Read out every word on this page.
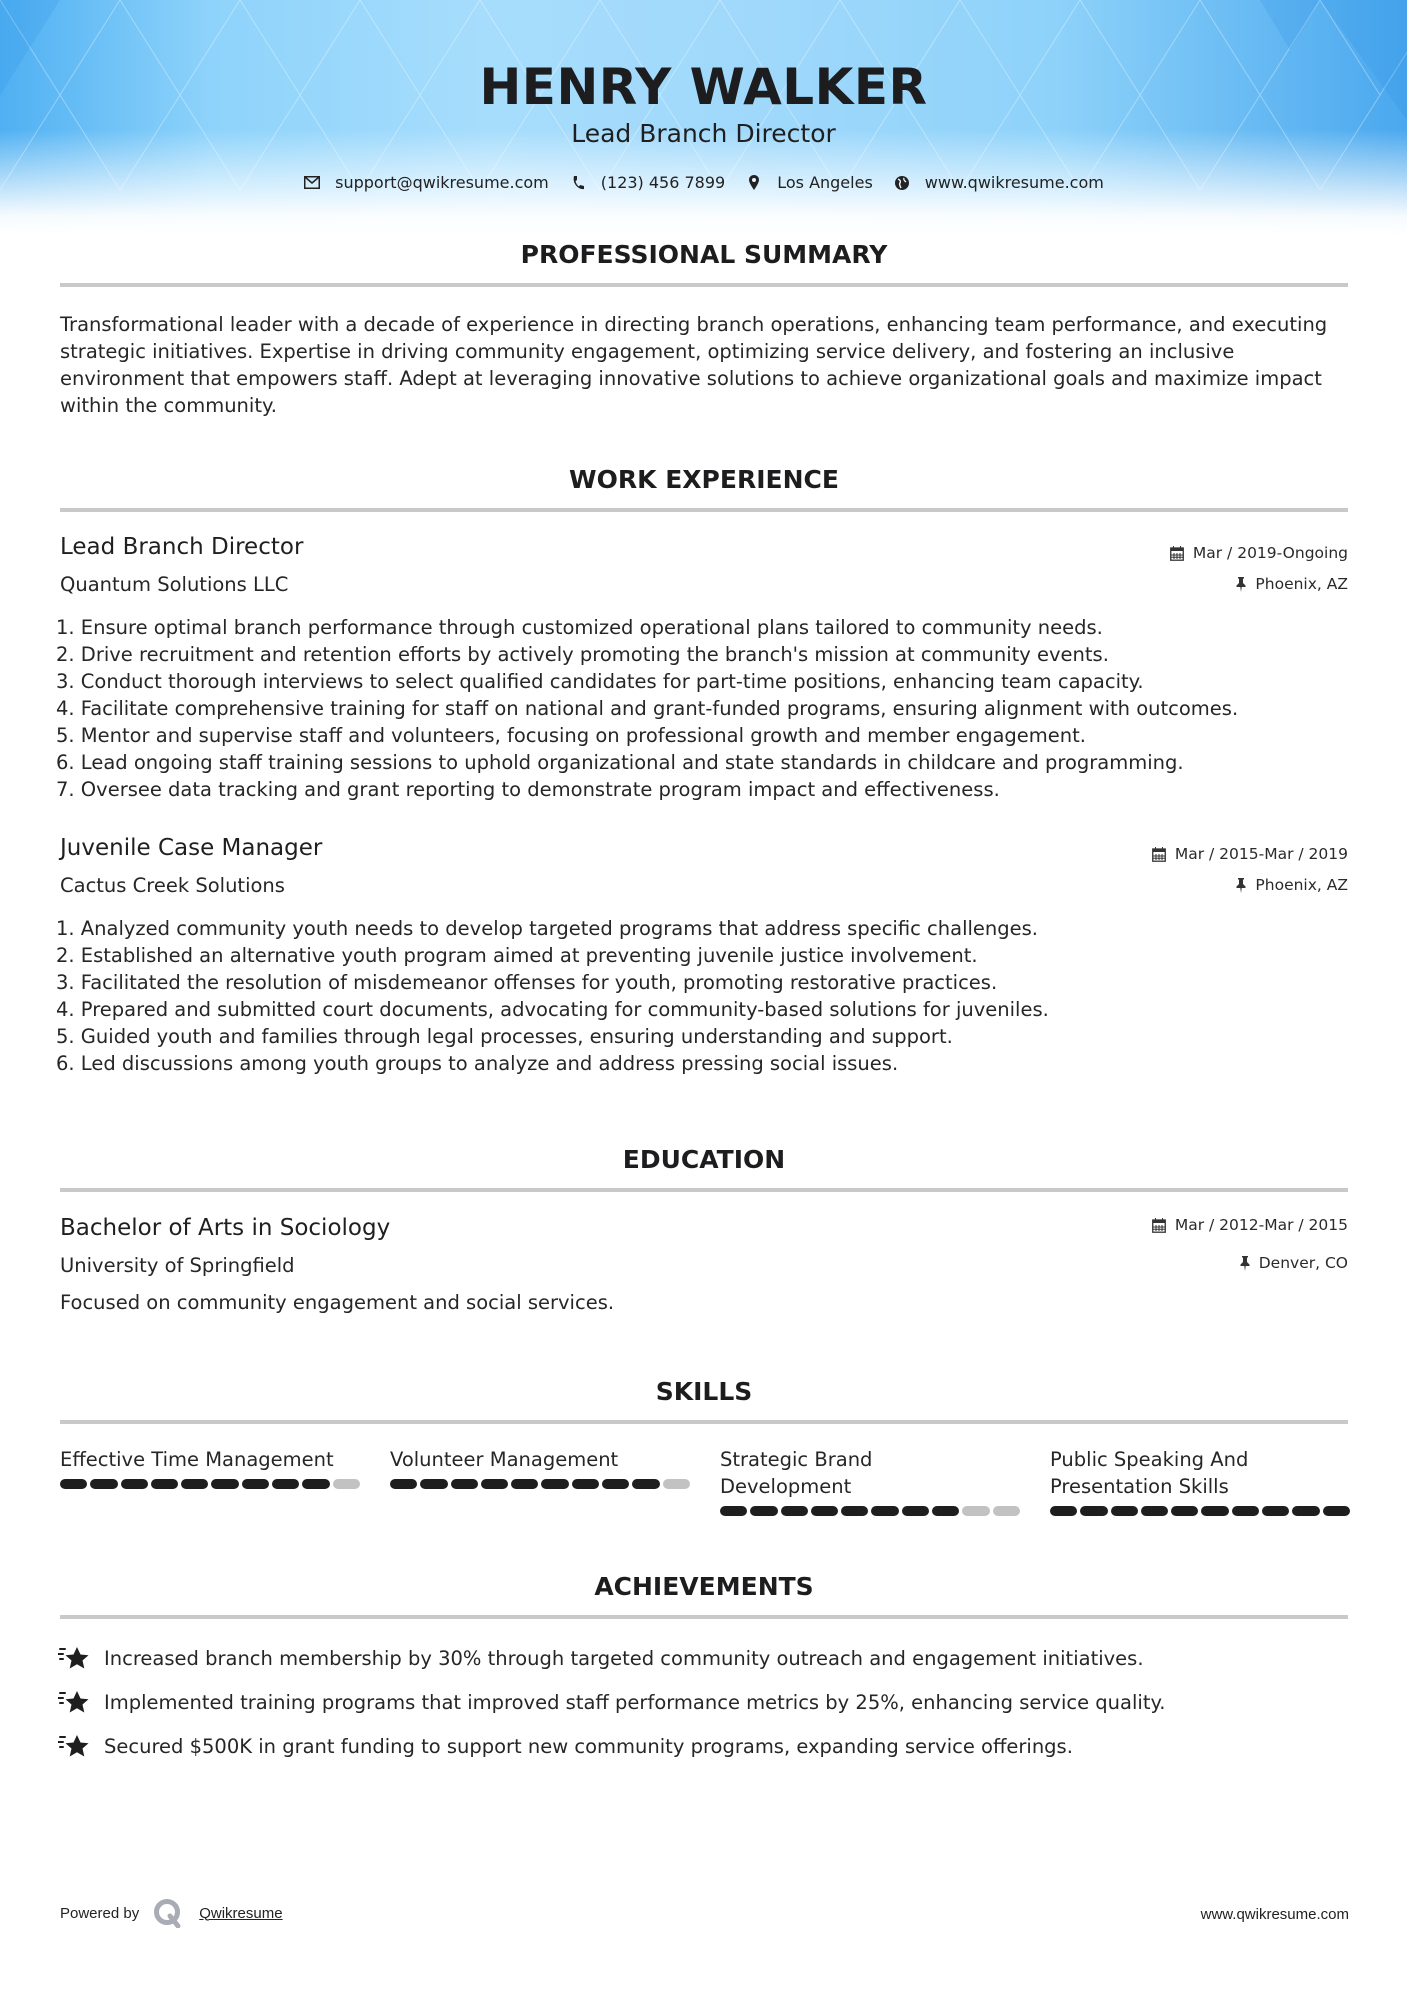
HENRY WALKER
Lead Branch Director
support@qwikresume.com	(123) 456 7899	Los Angeles	www.qwikresume.com
PROFESSIONAL SUMMARY
Transformational leader with a decade of experience in directing branch operations, enhancing team performance, and executing strategic initiatives. Expertise in driving community engagement, optimizing service delivery, and fostering an inclusive environment that empowers staff. Adept at leveraging innovative solutions to achieve organizational goals and maximize impact within the community.
WORK EXPERIENCE
Lead Branch Director
Quantum Solutions LLC
Mar / 2019-Ongoing
Phoenix, AZ
1. Ensure optimal branch performance through customized operational plans tailored to community needs.
2. Drive recruitment and retention efforts by actively promoting the branch's mission at community events.
3. Conduct thorough interviews to select qualified candidates for part-time positions, enhancing team capacity.
4. Facilitate comprehensive training for staff on national and grant-funded programs, ensuring alignment with outcomes.
5. Mentor and supervise staff and volunteers, focusing on professional growth and member engagement.
6. Lead ongoing staff training sessions to uphold organizational and state standards in childcare and programming.
7. Oversee data tracking and grant reporting to demonstrate program impact and effectiveness.
Juvenile Case Manager
Cactus Creek Solutions
Mar / 2015-Mar / 2019
Phoenix, AZ
1. Analyzed community youth needs to develop targeted programs that address specific challenges.
2. Established an alternative youth program aimed at preventing juvenile justice involvement.
3. Facilitated the resolution of misdemeanor offenses for youth, promoting restorative practices.
4. Prepared and submitted court documents, advocating for community-based solutions for juveniles.
5. Guided youth and families through legal processes, ensuring understanding and support.
6. Led discussions among youth groups to analyze and address pressing social issues.
EDUCATION
Bachelor of Arts in Sociology
University of Springfield
Mar / 2012-Mar / 2015
Denver, CO
Focused on community engagement and social services.
SKILLS
Effective Time Management	Volunteer Management	Strategic Brand Development
Public Speaking And Presentation Skills
ACHIEVEMENTS
Increased branch membership by 30% through targeted community outreach and engagement initiatives.
Implemented training programs that improved staff performance metrics by 25%, enhancing service quality.
Secured $500K in grant funding to support new community programs, expanding service offerings.
Powered by	Qwikresume	www.qwikresume.com
